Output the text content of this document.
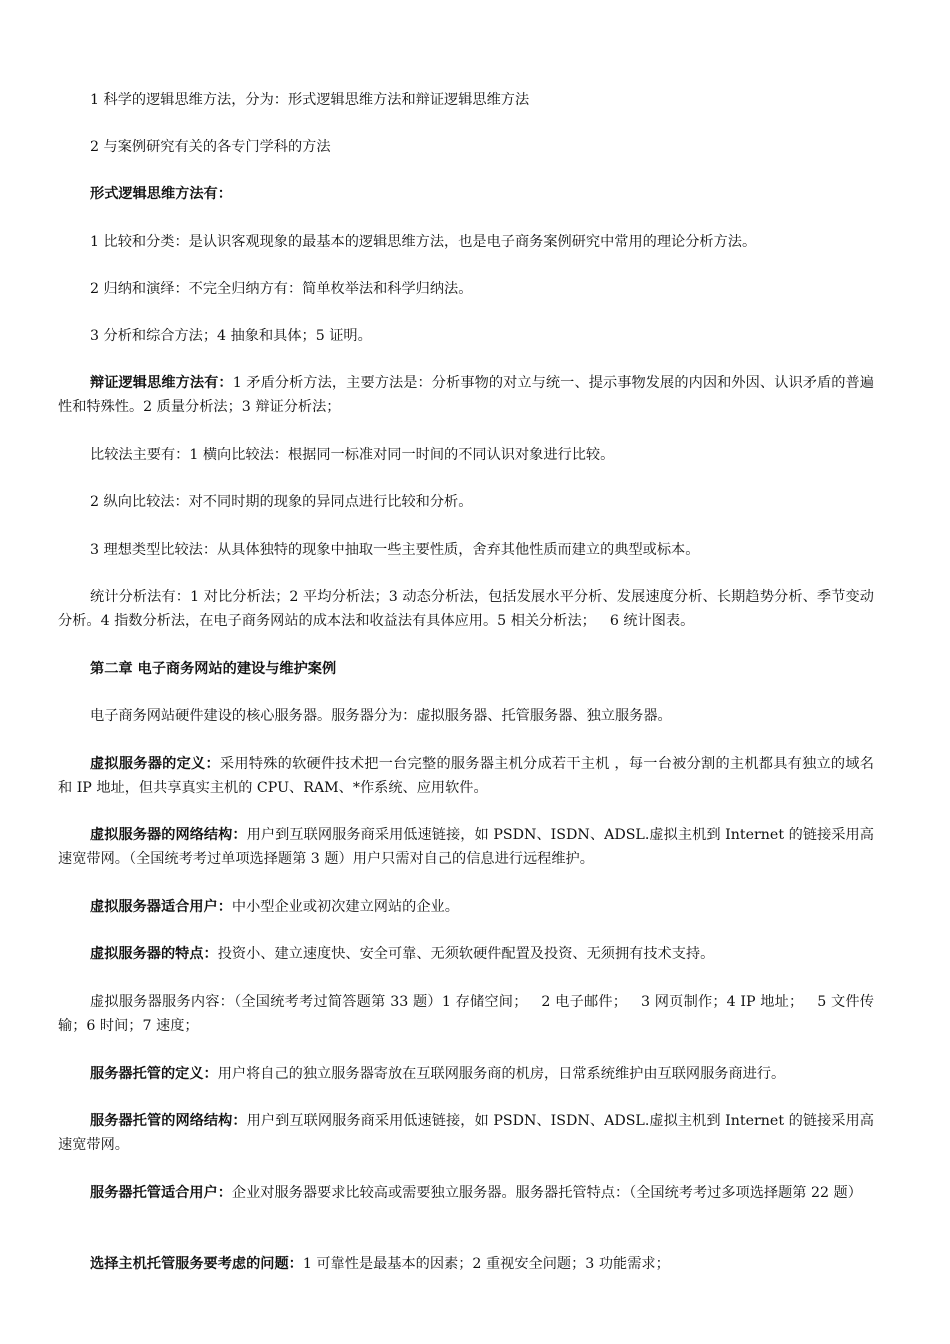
1 科学的逻辑思维方法，分为：形式逻辑思维方法和辩证逻辑思维方法

2 与案例研究有关的各专门学科的方法

形式逻辑思维方法有：

1 比较和分类：是认识客观现象的最基本的逻辑思维方法，也是电子商务案例研究中常用的理论分析方法。

2 归纳和演绎：不完全归纳方有：简单枚举法和科学归纳法。

3 分析和综合方法；4 抽象和具体；5 证明。

辩证逻辑思维方法有：1 矛盾分析方法，主要方法是：分析事物的对立与统一、提示事物发展的内因和外因、认识矛盾的普遍性和特殊性。2 质量分析法；3 辩证分析法；

比较法主要有：1 横向比较法：根据同一标准对同一时间的不同认识对象进行比较。

2 纵向比较法：对不同时期的现象的异同点进行比较和分析。

3 理想类型比较法：从具体独特的现象中抽取一些主要性质，舍弃其他性质而建立的典型或标本。

统计分析法有：1 对比分析法；2 平均分析法；3 动态分析法，包括发展水平分析、发展速度分析、长期趋势分析、季节变动分析。4 指数分析法，在电子商务网站的成本法和收益法有具体应用。5 相关分析法； 6 统计图表。

第二章 电子商务网站的建设与维护案例

电子商务网站硬件建设的核心服务器。服务器分为：虚拟服务器、托管服务器、独立服务器。

虚拟服务器的定义：采用特殊的软硬件技术把一台完整的服务器主机分成若干主机 ，每一台被分割的主机都具有独立的域名和 IP 地址，但共享真实主机的 CPU、RAM、*作系统、应用软件。

虚拟服务器的网络结构：用户到互联网服务商采用低速链接，如 PSDN、ISDN、ADSL.虚拟主机到 Internet 的链接采用高速宽带网。（全国统考考过单项选择题第 3 题）用户只需对自己的信息进行远程维护。

虚拟服务器适合用户：中小型企业或初次建立网站的企业。

虚拟服务器的特点：投资小、建立速度快、安全可靠、无须软硬件配置及投资、无须拥有技术支持。

虚拟服务器服务内容：（全国统考考过简答题第 33 题）1 存储空间； 2 电子邮件； 3 网页制作；4 IP 地址； 5 文件传输；6 时间；7 速度；

服务器托管的定义：用户将自己的独立服务器寄放在互联网服务商的机房，日常系统维护由互联网服务商进行。

服务器托管的网络结构：用户到互联网服务商采用低速链接，如 PSDN、ISDN、ADSL.虚拟主机到 Internet 的链接采用高速宽带网。

服务器托管适合用户：企业对服务器要求比较高或需要独立服务器。服务器托管特点：（全国统考考过多项选择题第 22 题）

选择主机托管服务要考虑的问题：1 可靠性是最基本的因素；2 重视安全问题；3 功能需求；
